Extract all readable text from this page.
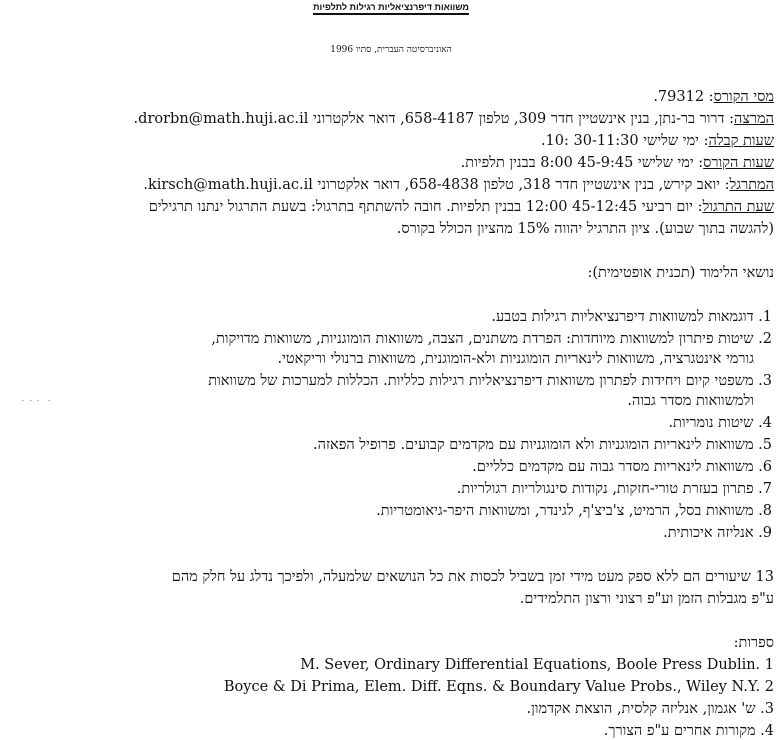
משוואות דיפרנציאליות רגילות לתלפיות
האוניברסיטה העברית, סתיו 1996
מסי הקורס: 79312.
המרצה: דרור בר-נתן, בנין אינשטיין חדר 309, טלפון 658-4187, דואר אלקטרוני drorbn@math.huji.ac.il.
שעות קבלה: ימי שלישי 30-11:30 :10.
שעות הקורס: ימי שלישי 45-9:45 8:00 בבנין תלפיות.
המתרגל: יואב קירש, בנין אינשטיין חדר 318, טלפון 658-4838, דואר אלקטרוני kirsch@math.huji.ac.il.
שעת התרגול: יום רביעי 45-12:45 12:00 בבנין תלפיות. חובה להשתתף בתרגול: בשעת התרגול ינתנו תרגילים
(להגשה בתוך שבוע). ציון התרגיל יהווה 15% מהציון הכולל בקורס.
נושאי הלימוד (תכנית אופטימית):
1. דוגמאות למשוואות דיפרנציאליות רגילות בטבע.
2. שיטות פיתרון למשוואות מיוחדות: הפרדת משתנים, הצבה, משוואות הומוגניות, משוואות מדויקות,
גורמי אינטגרציה, משוואות לינאריות הומוגניות ולא-הומוגנית, משוואות ברנולי וריקאטי.
3. משפטי קיום ויחידות לפתרון משוואות דיפרנציאליות רגילות כלליות. הכללות למערכות של משוואות
ולמשוואות מסדר גבוה.
4. שיטות נומריות.
5. משוואות לינאריות הומוגניות ולא הומוגניות עם מקדמים קבועים. פרופיל הפאזה.
6. משוואות לינאריות מסדר גבוה עם מקדמים כלליים.
7. פתרון בעזרת טורי-חזקות, נקודות סינגולריות רגולריות.
8. משוואות בסל, הרמיט, צ'ביצ'ף, לגינדר, ומשוואות היפר-גיאומטריות.
9. אנליזה איכותית.
13 שיעורים הם ללא ספק מעט מידי זמן בשביל לכסות את כל הנושאים שלמעלה, ולפיכך נדלג על חלק מהם
ע"פ מגבלות הזמן וע"פ רצוני ורצון התלמידים.
ספרות:
M. Sever, Ordinary Differential Equations, Boole Press Dublin. 1
Boyce & Di Prima, Elem. Diff. Eqns. & Boundary Value Probs., Wiley N.Y. 2
3. ש' אגמון, אנליזה קלסית, הוצאת אקדמון.
4. מקורות אחרים ע"פ הצורך.
